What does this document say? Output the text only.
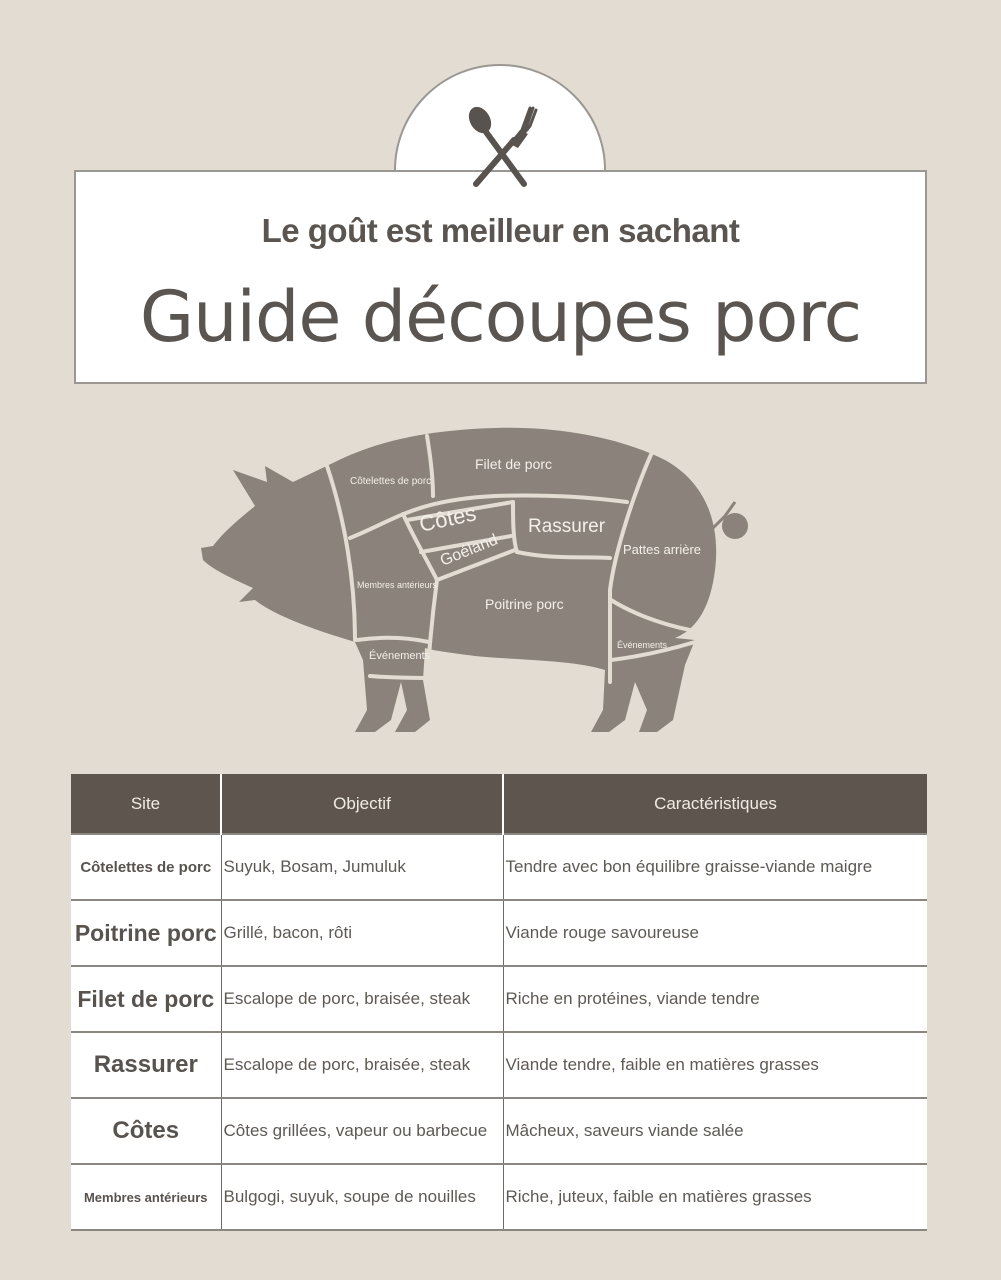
Le goût est meilleur en sachant
Guide découpes porc
Côtelettes de porc
Filet de porc
Côtes
Goéland
Rassurer
Pattes arrière
Membres antérieurs
Poitrine porc
Événements
Événements
Site	Objectif	Caractéristiques
Côtelettes de porc	Suyuk, Bosam, Jumuluk	Tendre avec bon équilibre graisse-viande maigre
Poitrine porc	Grillé, bacon, rôti	Viande rouge savoureuse
Filet de porc	Escalope de porc, braisée, steak	Riche en protéines, viande tendre
Rassurer	Escalope de porc, braisée, steak	Viande tendre, faible en matières grasses
Côtes	Côtes grillées, vapeur ou barbecue	Mâcheux, saveurs viande salée
Membres antérieurs	Bulgogi, suyuk, soupe de nouilles	Riche, juteux, faible en matières grasses
